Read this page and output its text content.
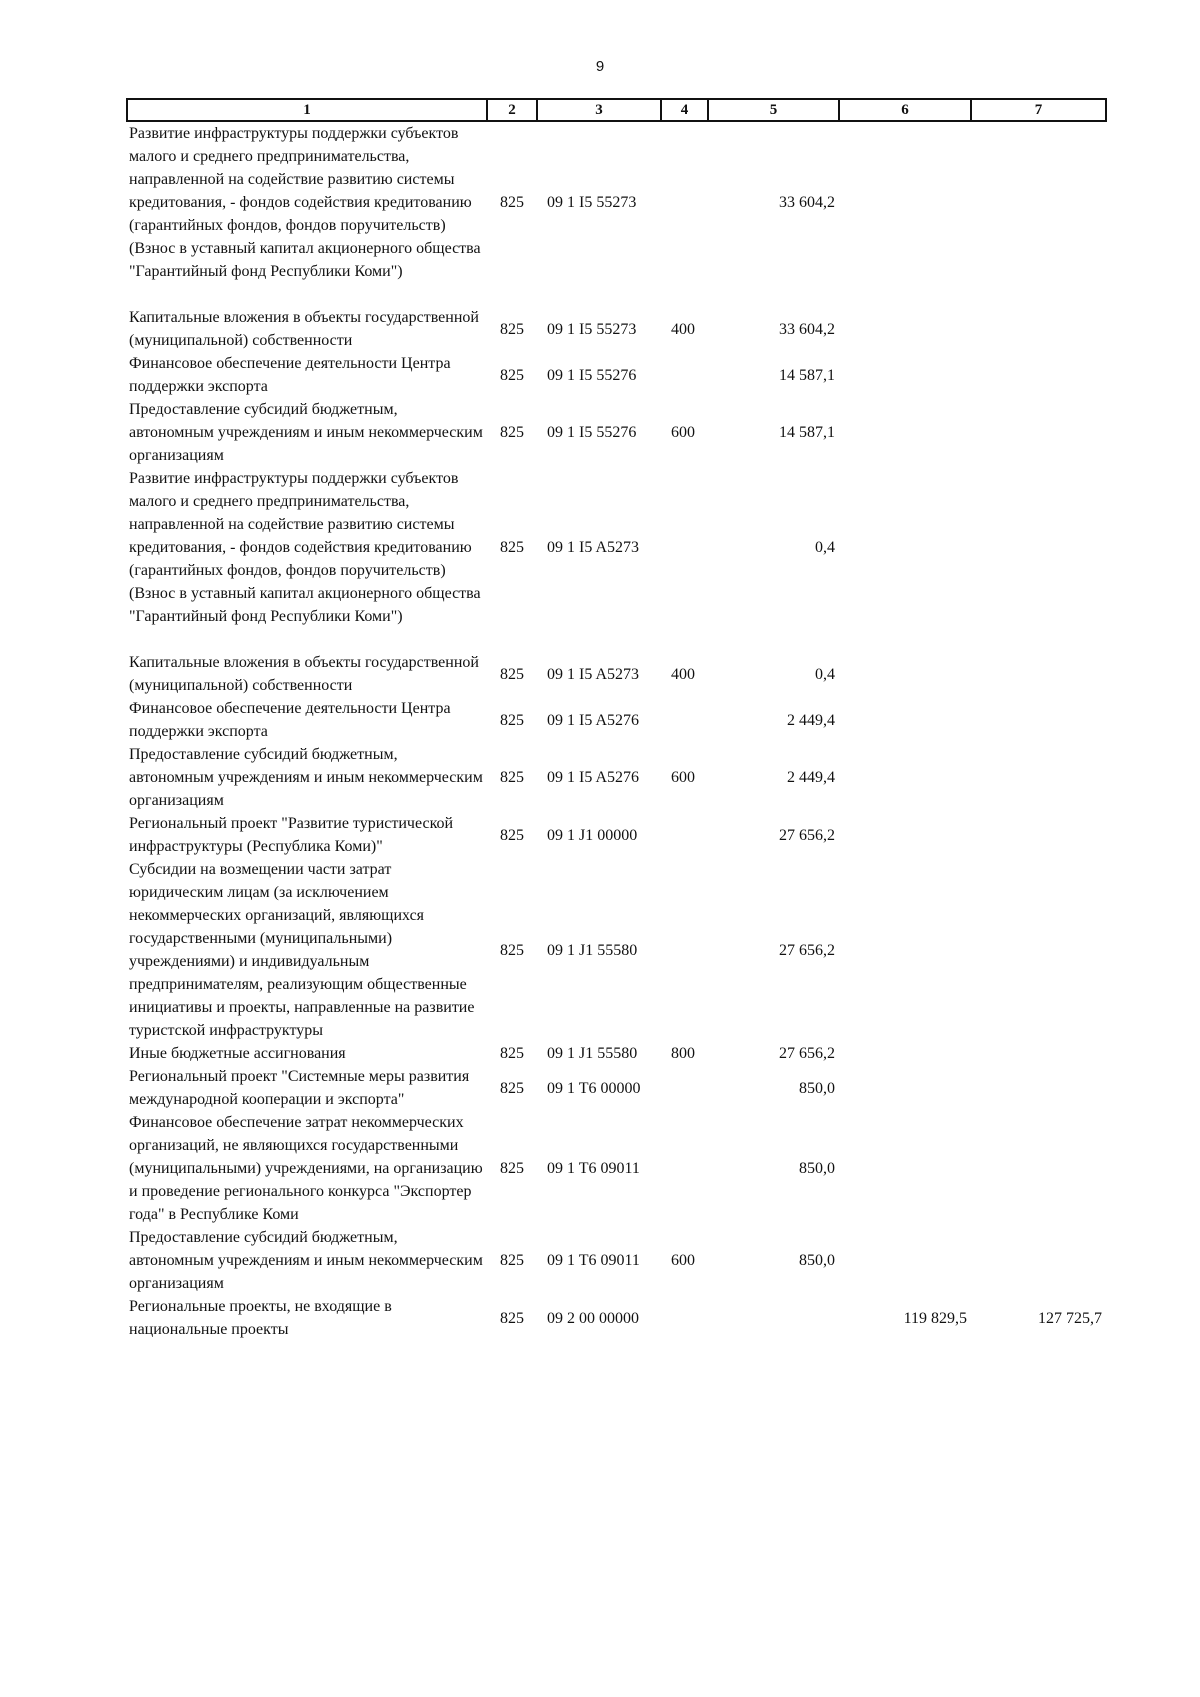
9
1	2	3	4	5	6	7
Развитие инфраструктуры поддержки субъектов малого и среднего предпринимательства, направленной на содействие развитию системы кредитования, - фондов содействия кредитованию (гарантийных фондов, фондов поручительств) (Взнос в уставный капитал акционерного общества "Гарантийный фонд Республики Коми")	825	09 1 I5 55273		33 604,2		

Капитальные вложения в объекты государственной (муниципальной) собственности	825	09 1 I5 55273	400	33 604,2		
Финансовое обеспечение деятельности Центра поддержки экспорта	825	09 1 I5 55276		14 587,1		
Предоставление субсидий бюджетным, автономным учреждениям и иным некоммерческим организациям	825	09 1 I5 55276	600	14 587,1		
Развитие инфраструктуры поддержки субъектов малого и среднего предпринимательства, направленной на содействие развитию системы кредитования, - фондов содействия кредитованию (гарантийных фондов, фондов поручительств) (Взнос в уставный капитал акционерного общества "Гарантийный фонд Республики Коми")	825	09 1 I5 A5273		0,4		

Капитальные вложения в объекты государственной (муниципальной) собственности	825	09 1 I5 A5273	400	0,4		
Финансовое обеспечение деятельности Центра поддержки экспорта	825	09 1 I5 A5276		2 449,4		
Предоставление субсидий бюджетным, автономным учреждениям и иным некоммерческим организациям	825	09 1 I5 A5276	600	2 449,4		
Региональный проект "Развитие туристической инфраструктуры (Республика Коми)"	825	09 1 J1 00000		27 656,2		
Субсидии на возмещении части затрат юридическим лицам (за исключением некоммерческих организаций, являющихся государственными (муниципальными) учреждениями) и индивидуальным предпринимателям, реализующим общественные инициативы и проекты, направленные на развитие туристской инфраструктуры	825	09 1 J1 55580		27 656,2		
Иные бюджетные ассигнования	825	09 1 J1 55580	800	27 656,2		
Региональный проект "Системные меры развития международной кооперации и экспорта"	825	09 1 T6 00000		850,0		
Финансовое обеспечение затрат некоммерческих организаций, не являющихся государственными (муниципальными) учреждениями, на организацию и проведение регионального конкурса "Экспортер года" в Республике Коми	825	09 1 T6 09011		850,0		
Предоставление субсидий бюджетным, автономным учреждениям и иным некоммерческим организациям	825	09 1 T6 09011	600	850,0		
Региональные проекты, не входящие в национальные проекты	825	09 2 00 00000			119 829,5	127 725,7
